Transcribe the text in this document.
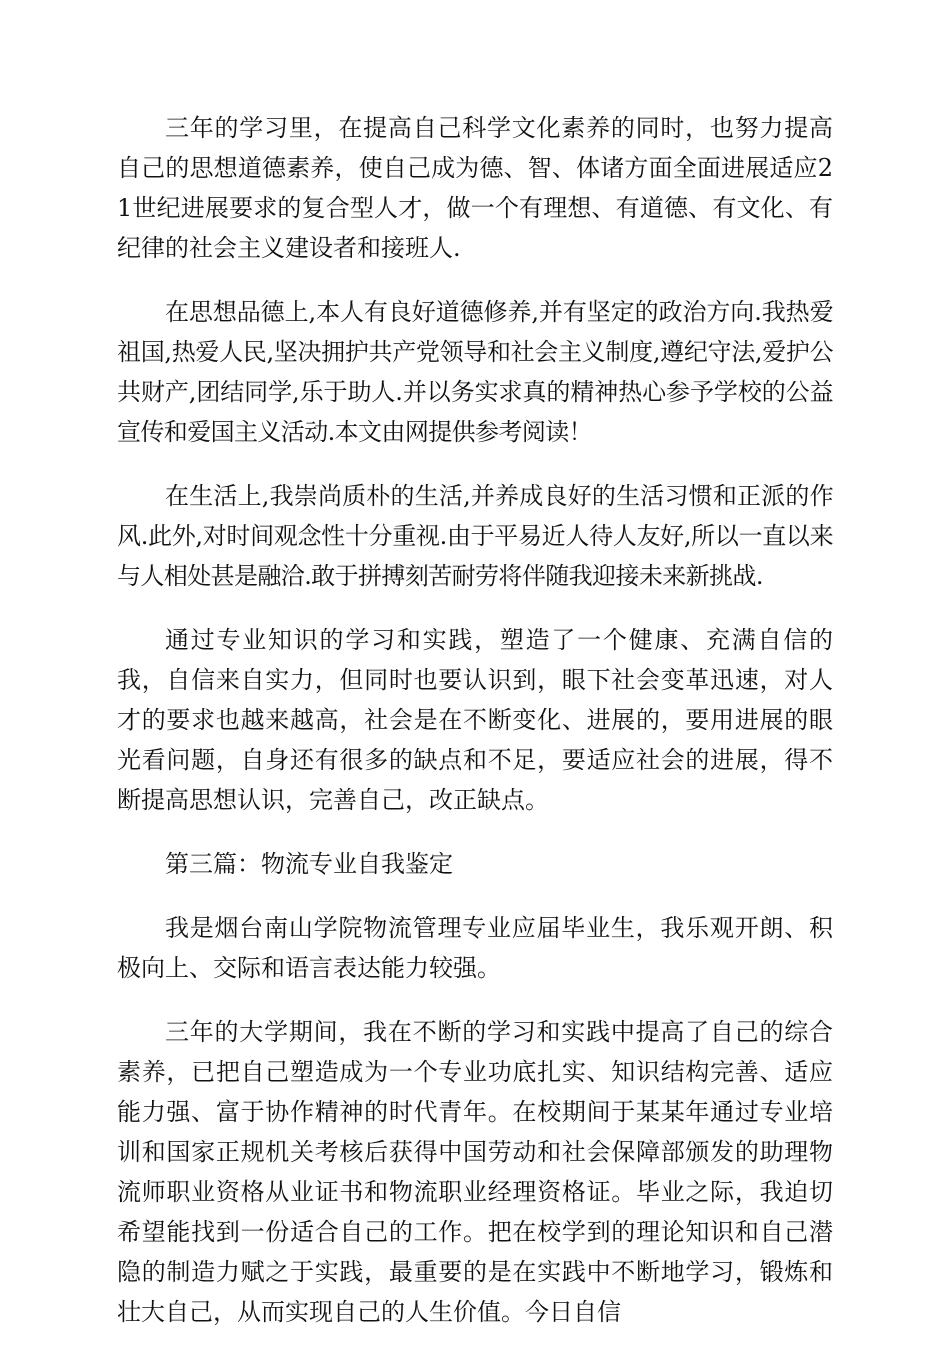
三年的学习里，在提高自己科学文化素养的同时，也努力提高自己的思想道德素养，使自己成为德、智、体诸方面全面进展适应21世纪进展要求的复合型人才，做一个有理想、有道德、有文化、有纪律的社会主义建设者和接班人.

在思想品德上,本人有良好道德修养,并有坚定的政治方向.我热爱祖国,热爱人民,坚决拥护共产党领导和社会主义制度,遵纪守法,爱护公共财产,团结同学,乐于助人.并以务实求真的精神热心参予学校的公益宣传和爱国主义活动.本文由网提供参考阅读！

在生活上,我崇尚质朴的生活,并养成良好的生活习惯和正派的作风.此外,对时间观念性十分重视.由于平易近人待人友好,所以一直以来与人相处甚是融洽.敢于拼搏刻苦耐劳将伴随我迎接未来新挑战.

通过专业知识的学习和实践，塑造了一个健康、充满自信的我，自信来自实力，但同时也要认识到，眼下社会变革迅速，对人才的要求也越来越高，社会是在不断变化、进展的，要用进展的眼光看问题，自身还有很多的缺点和不足，要适应社会的进展，得不断提高思想认识，完善自己，改正缺点。

第三篇：物流专业自我鉴定

我是烟台南山学院物流管理专业应届毕业生，我乐观开朗、积极向上、交际和语言表达能力较强。

三年的大学期间，我在不断的学习和实践中提高了自己的综合素养，已把自己塑造成为一个专业功底扎实、知识结构完善、适应能力强、富于协作精神的时代青年。在校期间于某某年通过专业培训和国家正规机关考核后获得中国劳动和社会保障部颁发的助理物流师职业资格从业证书和物流职业经理资格证。毕业之际，我迫切希望能找到一份适合自己的工作。把在校学到的理论知识和自己潜隐的制造力赋之于实践，最重要的是在实践中不断地学习，锻炼和壮大自己，从而实现自己的人生价值。今日自信
